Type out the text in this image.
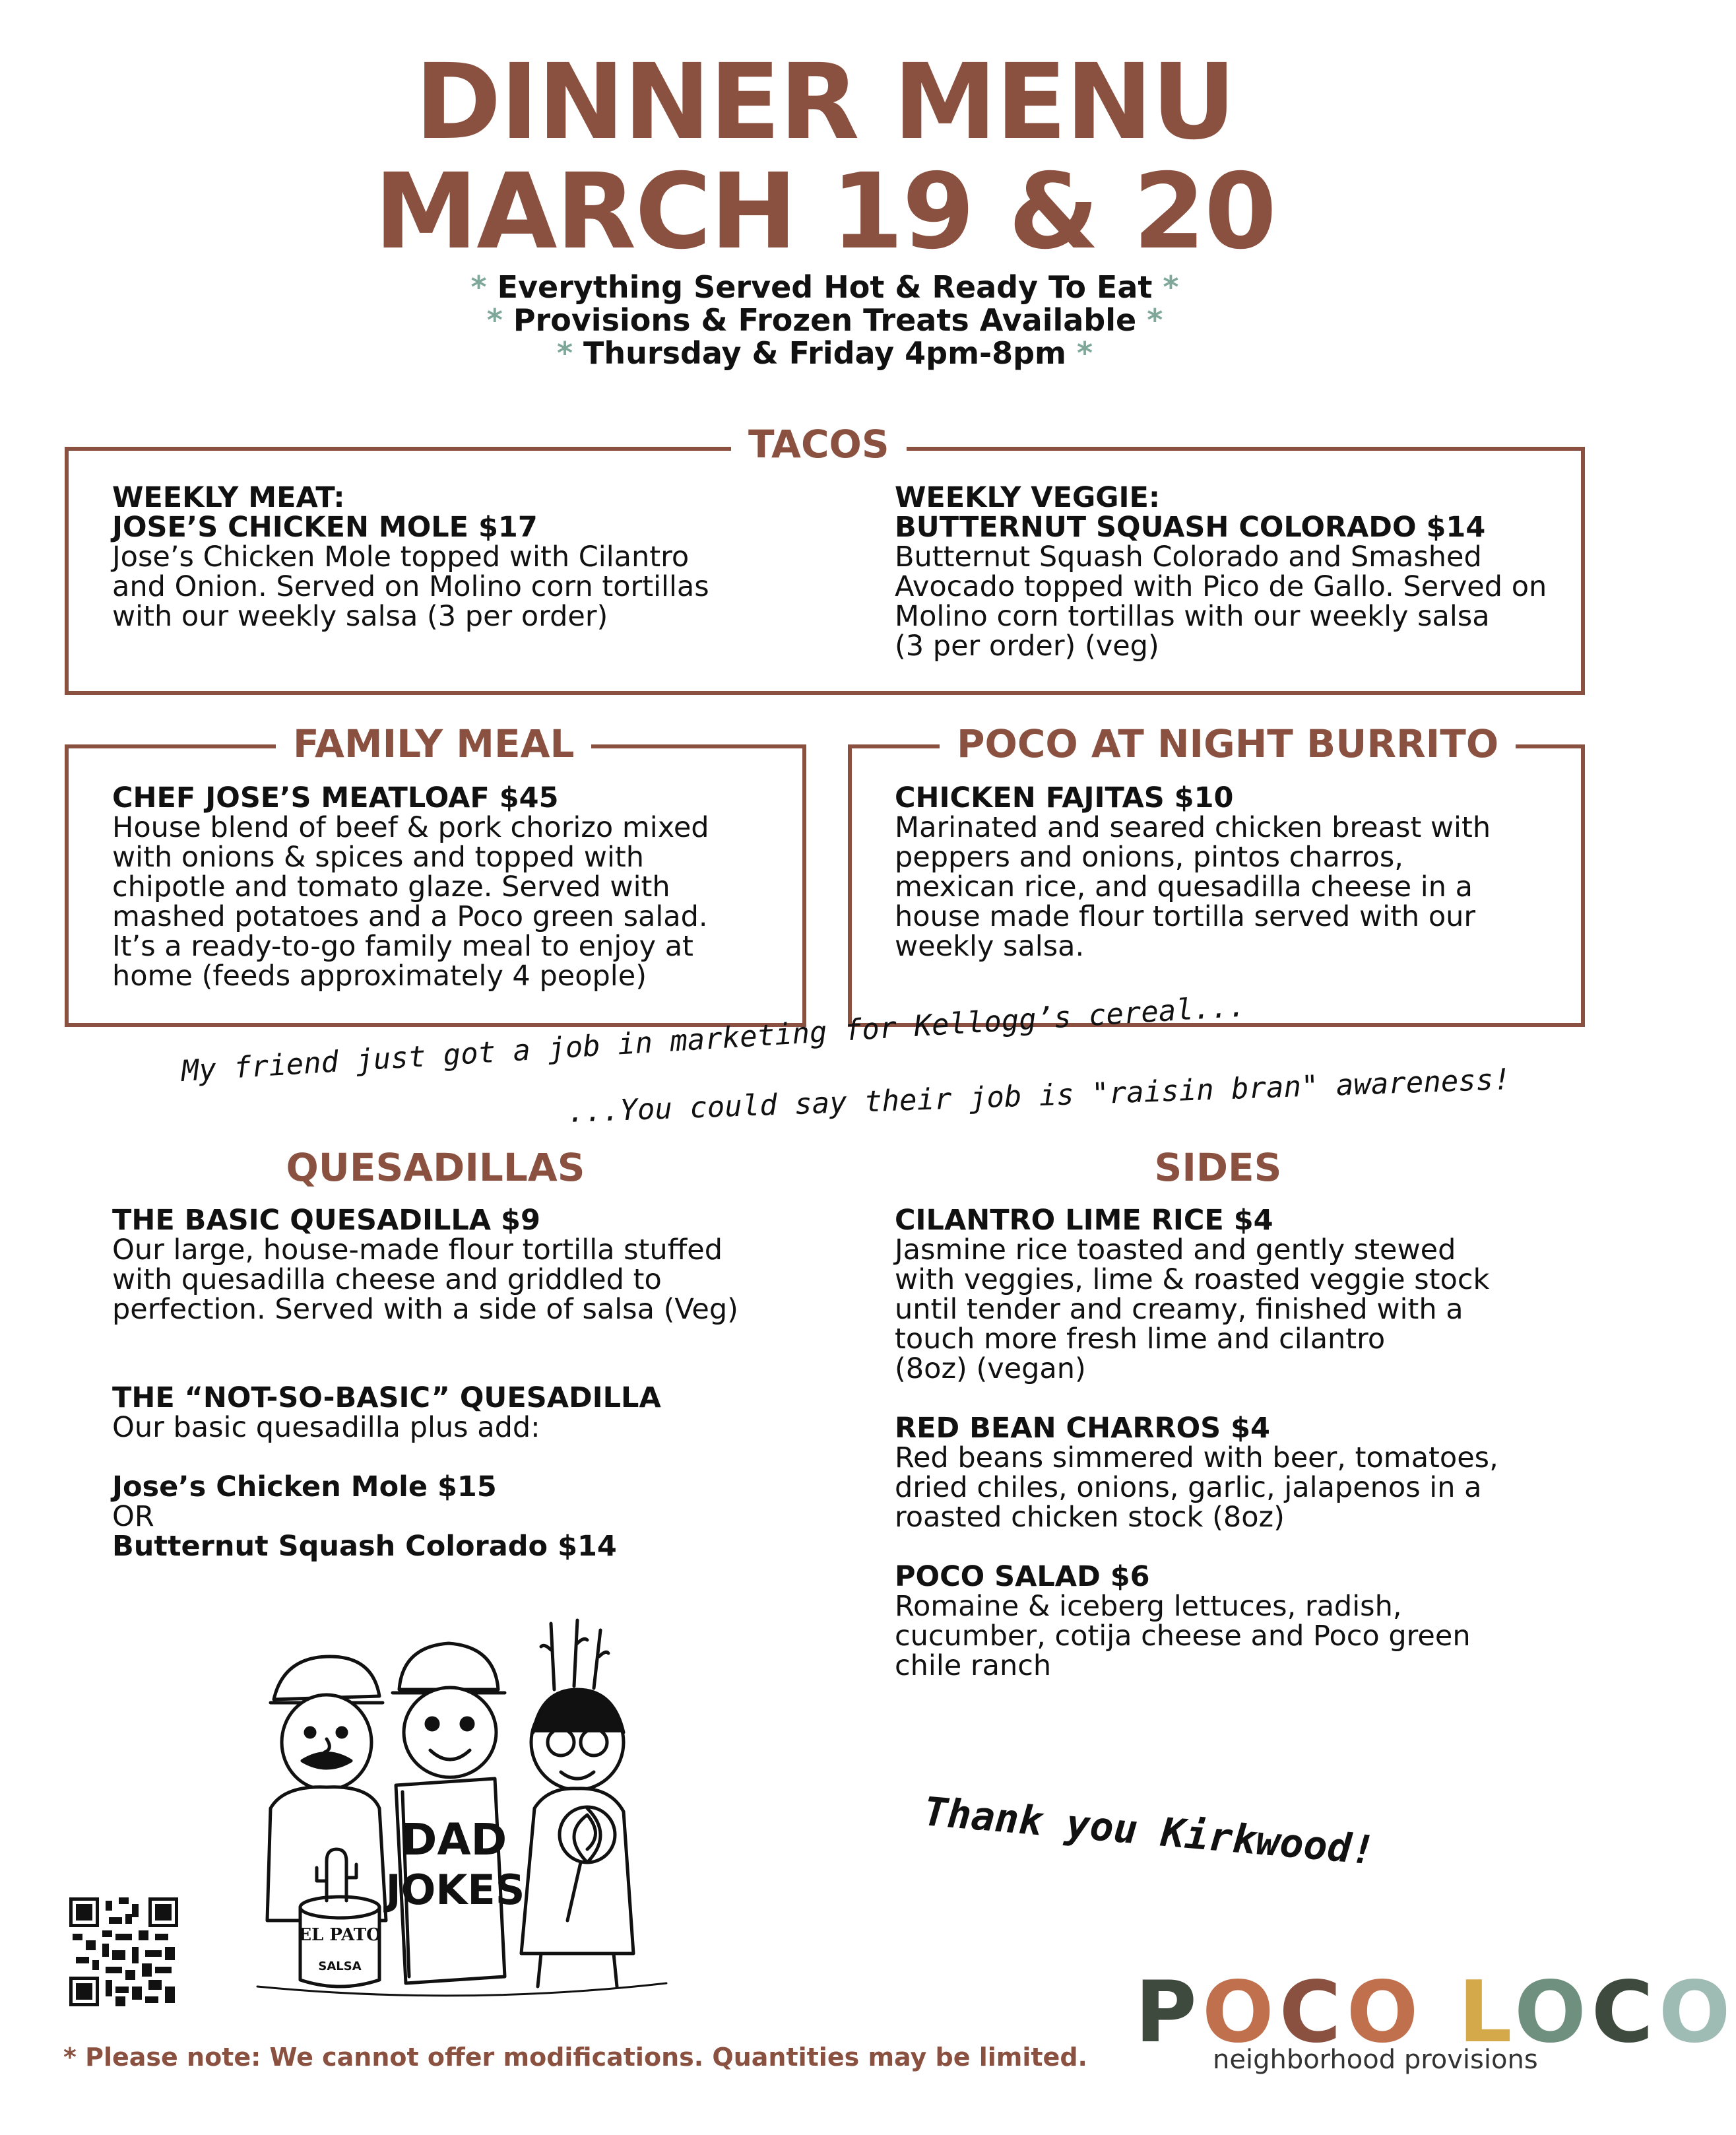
DINNER MENU
MARCH 19 & 20
* Everything Served Hot & Ready To Eat *
* Provisions & Frozen Treats Available *
* Thursday & Friday 4pm-8pm *
TACOS
WEEKLY MEAT:
JOSE’S CHICKEN MOLE $17
Jose’s Chicken Mole topped with Cilantro
and Onion. Served on Molino corn tortillas
with our weekly salsa (3 per order)
WEEKLY VEGGIE:
BUTTERNUT SQUASH COLORADO $14
Butternut Squash Colorado and Smashed
Avocado topped with Pico de Gallo. Served on
Molino corn tortillas with our weekly salsa
(3 per order) (veg)
FAMILY MEAL
CHEF JOSE’S MEATLOAF $45
House blend of beef & pork chorizo mixed
with onions & spices and topped with
chipotle and tomato glaze. Served with
mashed potatoes and a Poco green salad.
It’s a ready-to-go family meal to enjoy at
home (feeds approximately 4 people)
POCO AT NIGHT BURRITO
CHICKEN FAJITAS $10
Marinated and seared chicken breast with
peppers and onions, pintos charros,
mexican rice, and quesadilla cheese in a
house made flour tortilla served with our
weekly salsa.
My friend just got a job in marketing for Kellogg’s cereal...
...You could say their job is "raisin bran" awareness!
QUESADILLAS
THE BASIC QUESADILLA $9
Our large, house-made flour tortilla stuffed
with quesadilla cheese and griddled to
perfection. Served with a side of salsa (Veg)
THE “NOT-SO-BASIC” QUESADILLA
Our basic quesadilla plus add:
Jose’s Chicken Mole $15
OR
Butternut Squash Colorado $14
SIDES
CILANTRO LIME RICE $4
Jasmine rice toasted and gently stewed
with veggies, lime & roasted veggie stock
until tender and creamy, finished with a
touch more fresh lime and cilantro
(8oz) (vegan)
RED BEAN CHARROS $4
Red beans simmered with beer, tomatoes,
dried chiles, onions, garlic, jalapenos in a
roasted chicken stock (8oz)
POCO SALAD $6
Romaine & iceberg lettuces, radish,
cucumber, cotija cheese and Poco green
chile ranch
DAD
JOKES
EL PATO
SALSA
Thank you Kirkwood!
* Please note: We cannot offer modifications. Quantities may be limited. POCO LOCO
neighborhood provisions
